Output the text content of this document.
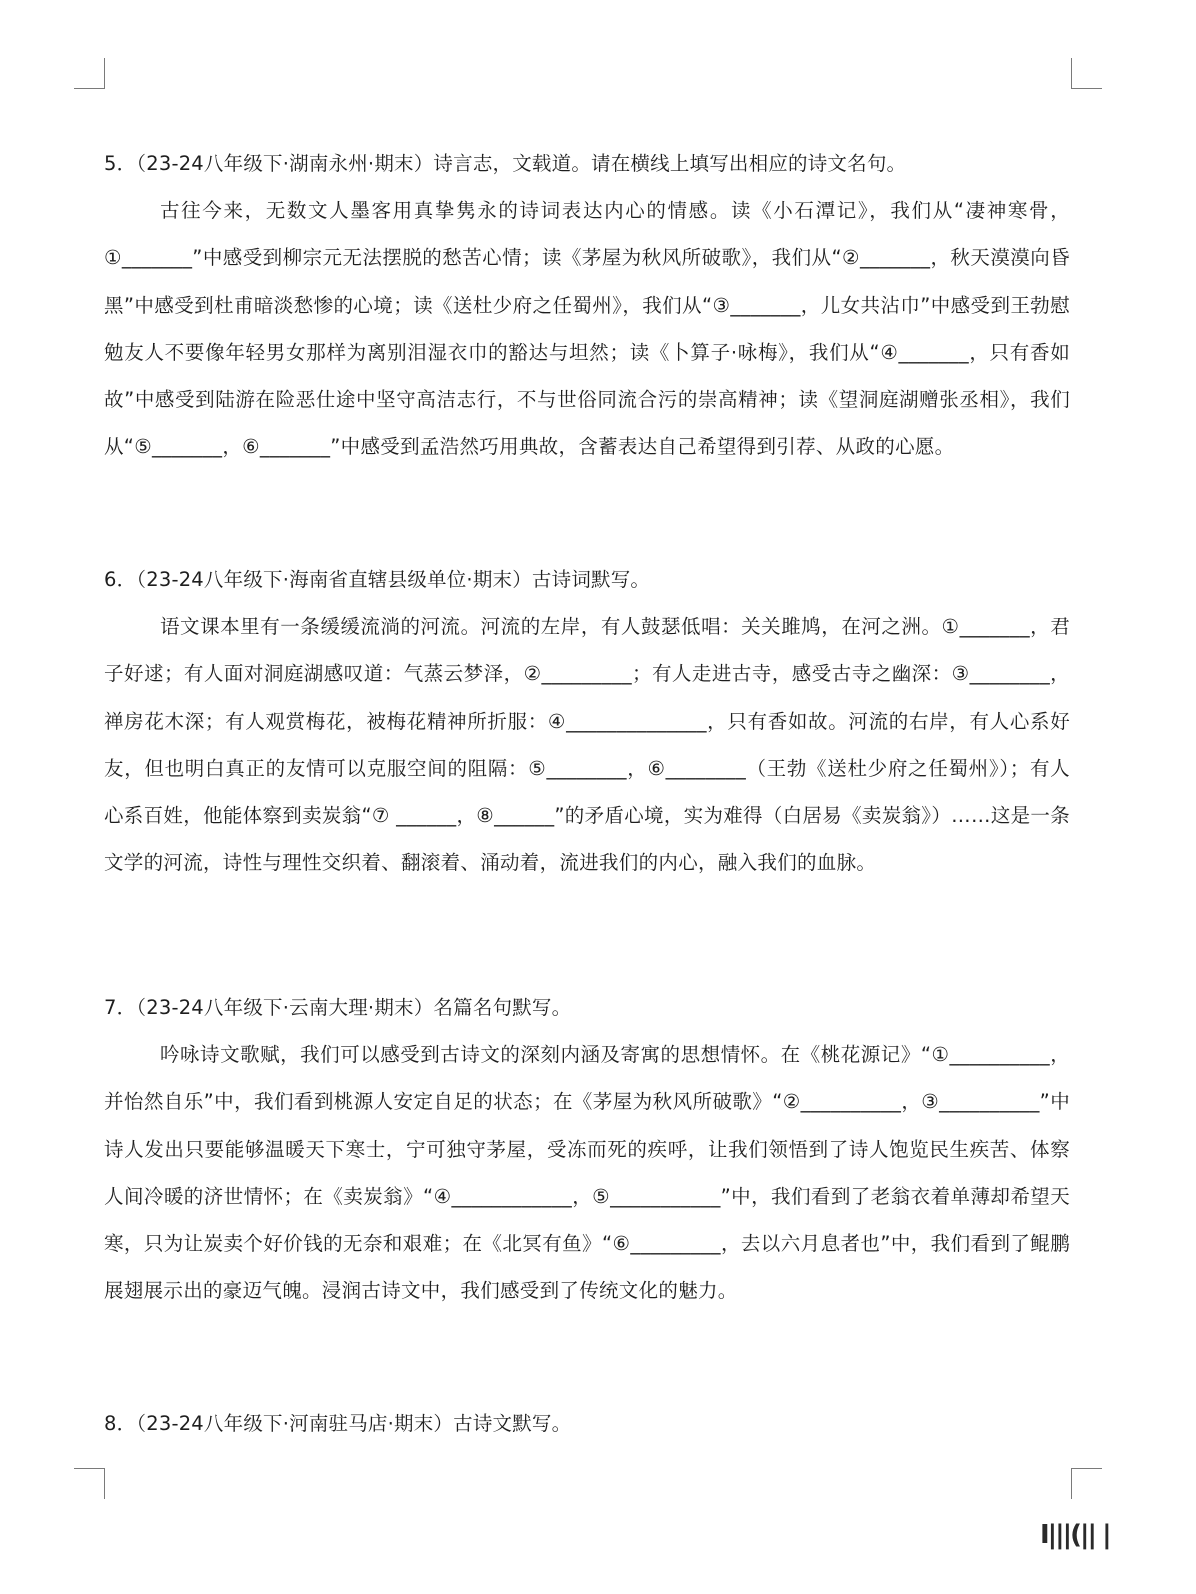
5．（23-24八年级下·湖南永州·期末）诗言志，文载道。请在横线上填写出相应的诗文名句。

古往今来，无数文人墨客用真挚隽永的诗词表达内心的情感。读《小石潭记》，我们从“凄神寒骨，①_______”中感受到柳宗元无法摆脱的愁苦心情；读《茅屋为秋风所破歌》，我们从“②_______，秋天漠漠向昏黑”中感受到杜甫暗淡愁惨的心境；读《送杜少府之任蜀州》，我们从“③_______，儿女共沾巾”中感受到王勃慰勉友人不要像年轻男女那样为离别泪湿衣巾的豁达与坦然；读《卜算子·咏梅》，我们从“④_______，只有香如故”中感受到陆游在险恶仕途中坚守高洁志行，不与世俗同流合污的崇高精神；读《望洞庭湖赠张丞相》，我们从“⑤_______，⑥_______”中感受到孟浩然巧用典故，含蓄表达自己希望得到引荐、从政的心愿。

6．（23-24八年级下·海南省直辖县级单位·期末）古诗词默写。

语文课本里有一条缓缓流淌的河流。河流的左岸，有人鼓瑟低唱：关关雎鸠，在河之洲。①_______，君子好逑；有人面对洞庭湖感叹道：气蒸云梦泽，②_________；有人走进古寺，感受古寺之幽深：③________，禅房花木深；有人观赏梅花，被梅花精神所折服：④______________，只有香如故。河流的右岸，有人心系好友，但也明白真正的友情可以克服空间的阻隔：⑤________，⑥________（王勃《送杜少府之任蜀州》）；有人心系百姓，他能体察到卖炭翁“⑦ ______，⑧______”的矛盾心境，实为难得（白居易《卖炭翁》）……这是一条文学的河流，诗性与理性交织着、翻滚着、涌动着，流进我们的内心，融入我们的血脉。

7．（23-24八年级下·云南大理·期末）名篇名句默写。

吟咏诗文歌赋，我们可以感受到古诗文的深刻内涵及寄寓的思想情怀。在《桃花源记》“①__________，并怡然自乐”中，我们看到桃源人安定自足的状态；在《茅屋为秋风所破歌》“②__________，③__________”中诗人发出只要能够温暖天下寒士，宁可独守茅屋，受冻而死的疾呼，让我们领悟到了诗人饱览民生疾苦、体察人间冷暖的济世情怀；在《卖炭翁》“④____________，⑤___________”中，我们看到了老翁衣着单薄却希望天寒，只为让炭卖个好价钱的无奈和艰难；在《北冥有鱼》“⑥_________，去以六月息者也”中，我们看到了鲲鹏展翅展示出的豪迈气魄。浸润古诗文中，我们感受到了传统文化的魅力。

8．（23-24八年级下·河南驻马店·期末）古诗文默写。
Ⅰ|||(|| |
